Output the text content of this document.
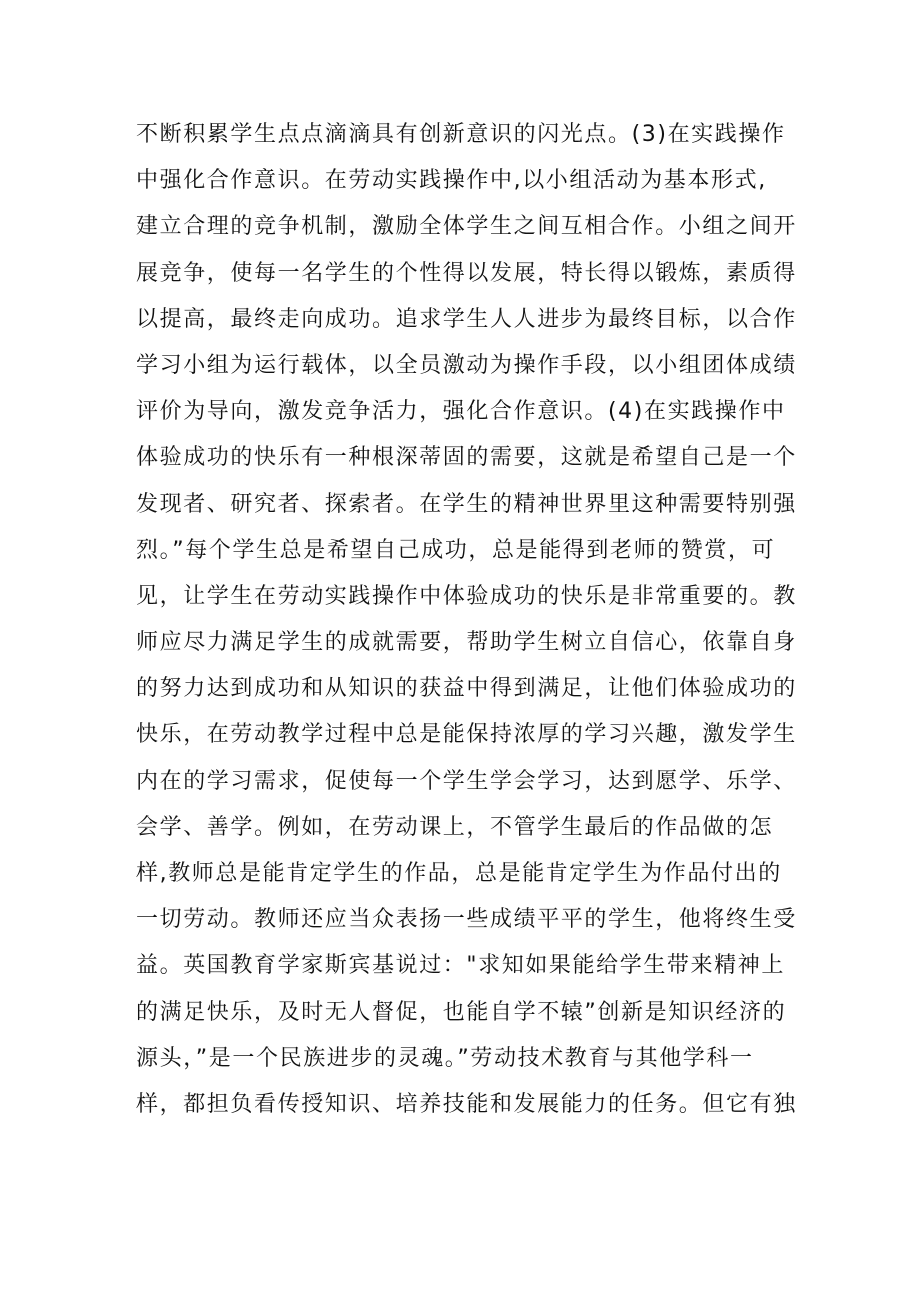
不断积累学生点点滴滴具有创新意识的闪光点。(3)在实践操作
中强化合作意识。在劳动实践操作中,以小组活动为基本形式,
建立合理的竞争机制，激励全体学生之间互相合作。小组之间开
展竞争，使每一名学生的个性得以发展，特长得以锻炼，素质得
以提高，最终走向成功。追求学生人人进步为最终目标，以合作
学习小组为运行载体，以全员激动为操作手段，以小组团体成绩
评价为导向，激发竞争活力，强化合作意识。(4)在实践操作中
体验成功的快乐有一种根深蒂固的需要，这就是希望自己是一个
发现者、研究者、探索者。在学生的精神世界里这种需要特别强
烈。”每个学生总是希望自己成功，总是能得到老师的赞赏，可
见，让学生在劳动实践操作中体验成功的快乐是非常重要的。教
师应尽力满足学生的成就需要，帮助学生树立自信心，依靠自身
的努力达到成功和从知识的获益中得到满足，让他们体验成功的
快乐，在劳动教学过程中总是能保持浓厚的学习兴趣，激发学生
内在的学习需求，促使每一个学生学会学习，达到愿学、乐学、
会学、善学。例如，在劳动课上，不管学生最后的作品做的怎
样,教师总是能肯定学生的作品，总是能肯定学生为作品付出的
一切劳动。教师还应当众表扬一些成绩平平的学生，他将终生受
益。英国教育学家斯宾基说过："求知如果能给学生带来精神上
的满足快乐，及时无人督促，也能自学不辕”创新是知识经济的
源头，”是一个民族进步的灵魂。”劳动技术教育与其他学科一
样，都担负看传授知识、培养技能和发展能力的任务。但它有独
